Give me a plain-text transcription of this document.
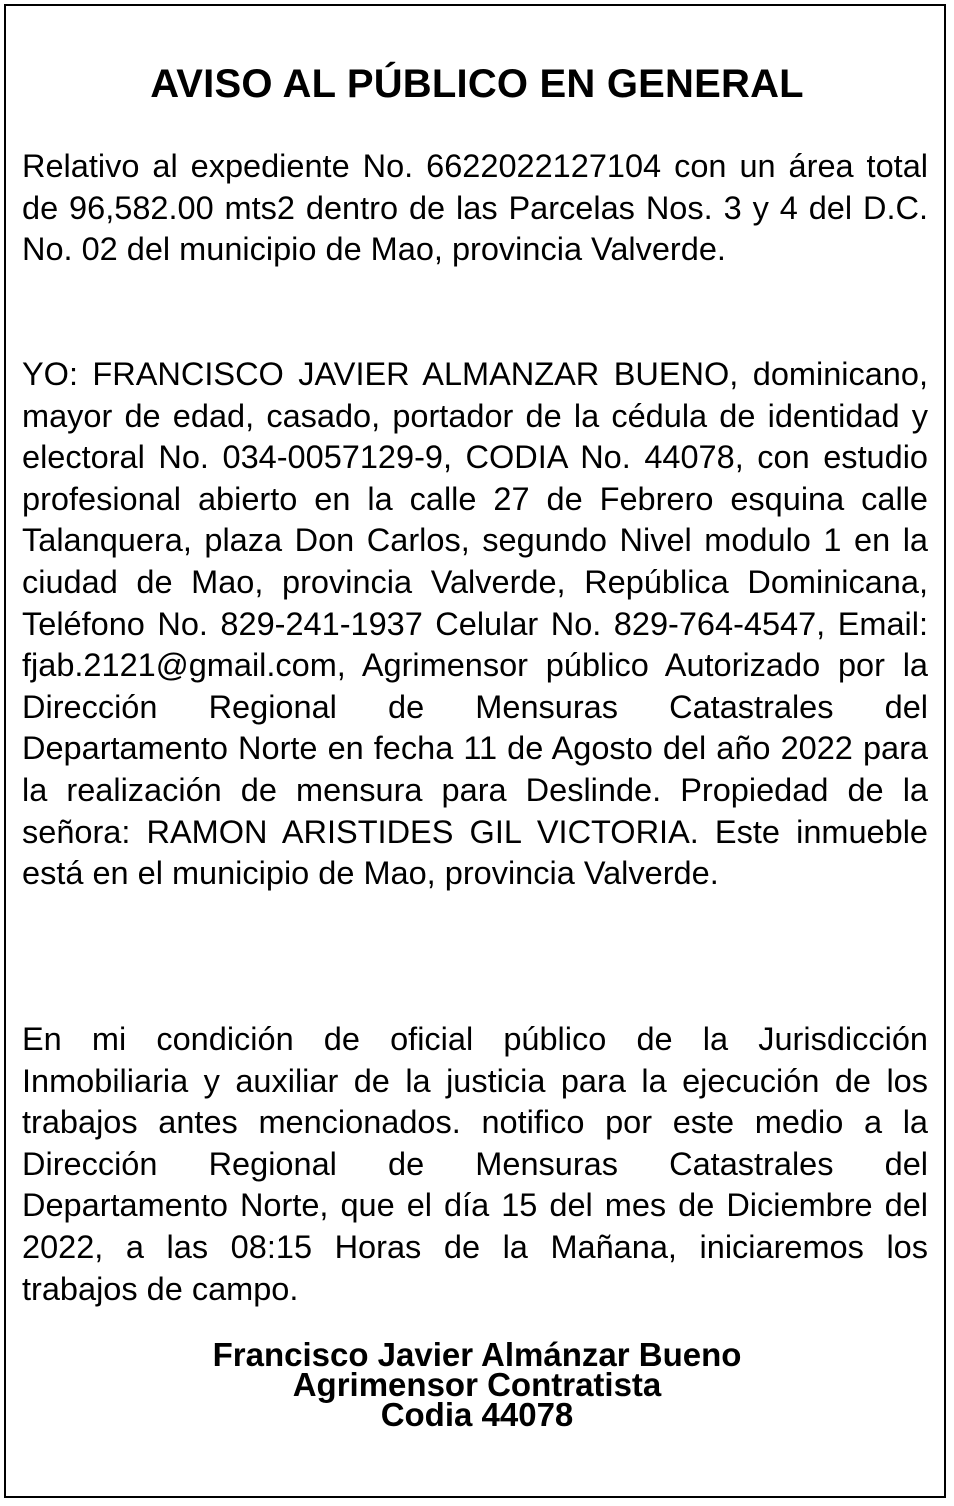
AVISO AL PÚBLICO EN GENERAL

Relativo al expediente No. 6622022127104 con un área total de 96,582.00 mts2 dentro de las Parcelas Nos. 3 y 4 del D.C. No. 02 del municipio de Mao, provincia Valverde.

YO: FRANCISCO JAVIER ALMANZAR BUENO, dominicano, mayor de edad, casado, portador de la cédula de identidad y electoral No. 034-0057129-9, CODIA No. 44078, con estudio profesional abierto en la calle 27 de Febrero esquina calle Talanquera, plaza Don Carlos, segundo Nivel modulo 1 en la ciudad de Mao, provincia Valverde, República Dominicana, Teléfono No. 829-241-1937 Celular No. 829-764-4547, Email: fjab.2121@gmail.com, Agrimensor público Autorizado por la Dirección Regional de Mensuras Catastrales del Departamento Norte en fecha 11 de Agosto del año 2022 para la realización de mensura para Deslinde. Propiedad de la señora: RAMON ARISTIDES GIL VICTORIA. Este inmueble está en el municipio de Mao, provincia Valverde.

En mi condición de oficial público de la Jurisdicción Inmobiliaria y auxiliar de la justicia para la ejecución de los trabajos antes mencionados. notifico por este medio a la Dirección Regional de Mensuras Catastrales del Departamento Norte, que el día 15 del mes de Diciembre del 2022, a las 08:15 Horas de la Mañana, iniciaremos los trabajos de campo.

Francisco Javier Almánzar Bueno
Agrimensor Contratista
Codia 44078
